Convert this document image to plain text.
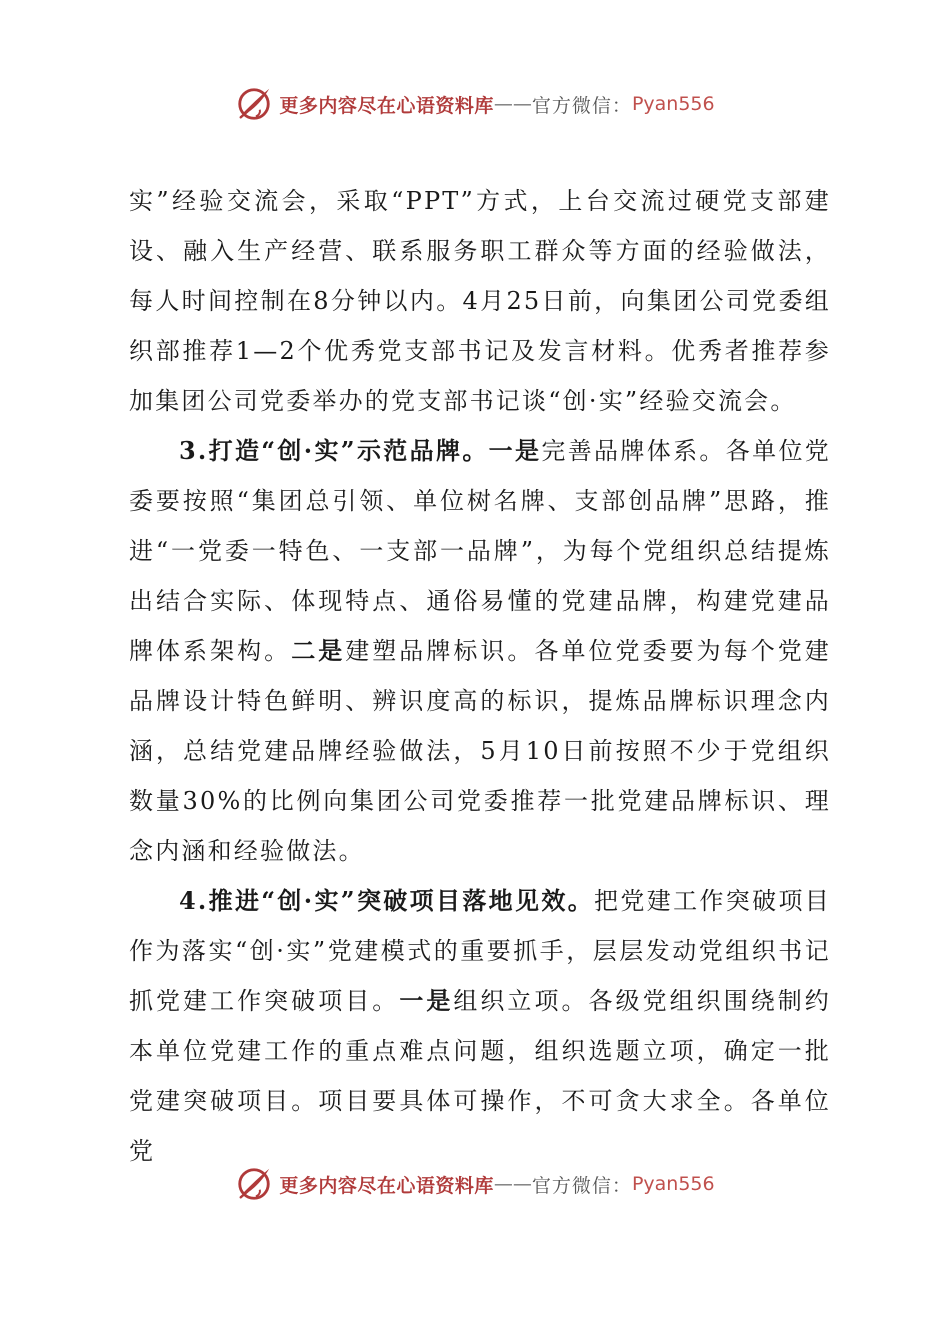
更多内容尽在心语资料库 —— 官方微信： Pyan556

实”经验交流会，采取“PPT”方式，上台交流过硬党支部建设、融入生产经营、联系服务职工群众等方面的经验做法，每人时间控制在8分钟以内。4月25日前，向集团公司党委组织部推荐1—2个优秀党支部书记及发言材料。优秀者推荐参加集团公司党委举办的党支部书记谈“创·实”经验交流会。

3.打造“创·实”示范品牌。一是完善品牌体系。各单位党委要按照“集团总引领、单位树名牌、支部创品牌”思路，推进“一党委一特色、一支部一品牌”，为每个党组织总结提炼出结合实际、体现特点、通俗易懂的党建品牌，构建党建品牌体系架构。二是建塑品牌标识。各单位党委要为每个党建品牌设计特色鲜明、辨识度高的标识，提炼品牌标识理念内涵，总结党建品牌经验做法，5月10日前按照不少于党组织数量30%的比例向集团公司党委推荐一批党建品牌标识、理念内涵和经验做法。

4.推进“创·实”突破项目落地见效。把党建工作突破项目作为落实“创·实”党建模式的重要抓手，层层发动党组织书记抓党建工作突破项目。一是组织立项。各级党组织围绕制约本单位党建工作的重点难点问题，组织选题立项，确定一批党建突破项目。项目要具体可操作，不可贪大求全。各单位党

更多内容尽在心语资料库 —— 官方微信： Pyan556
